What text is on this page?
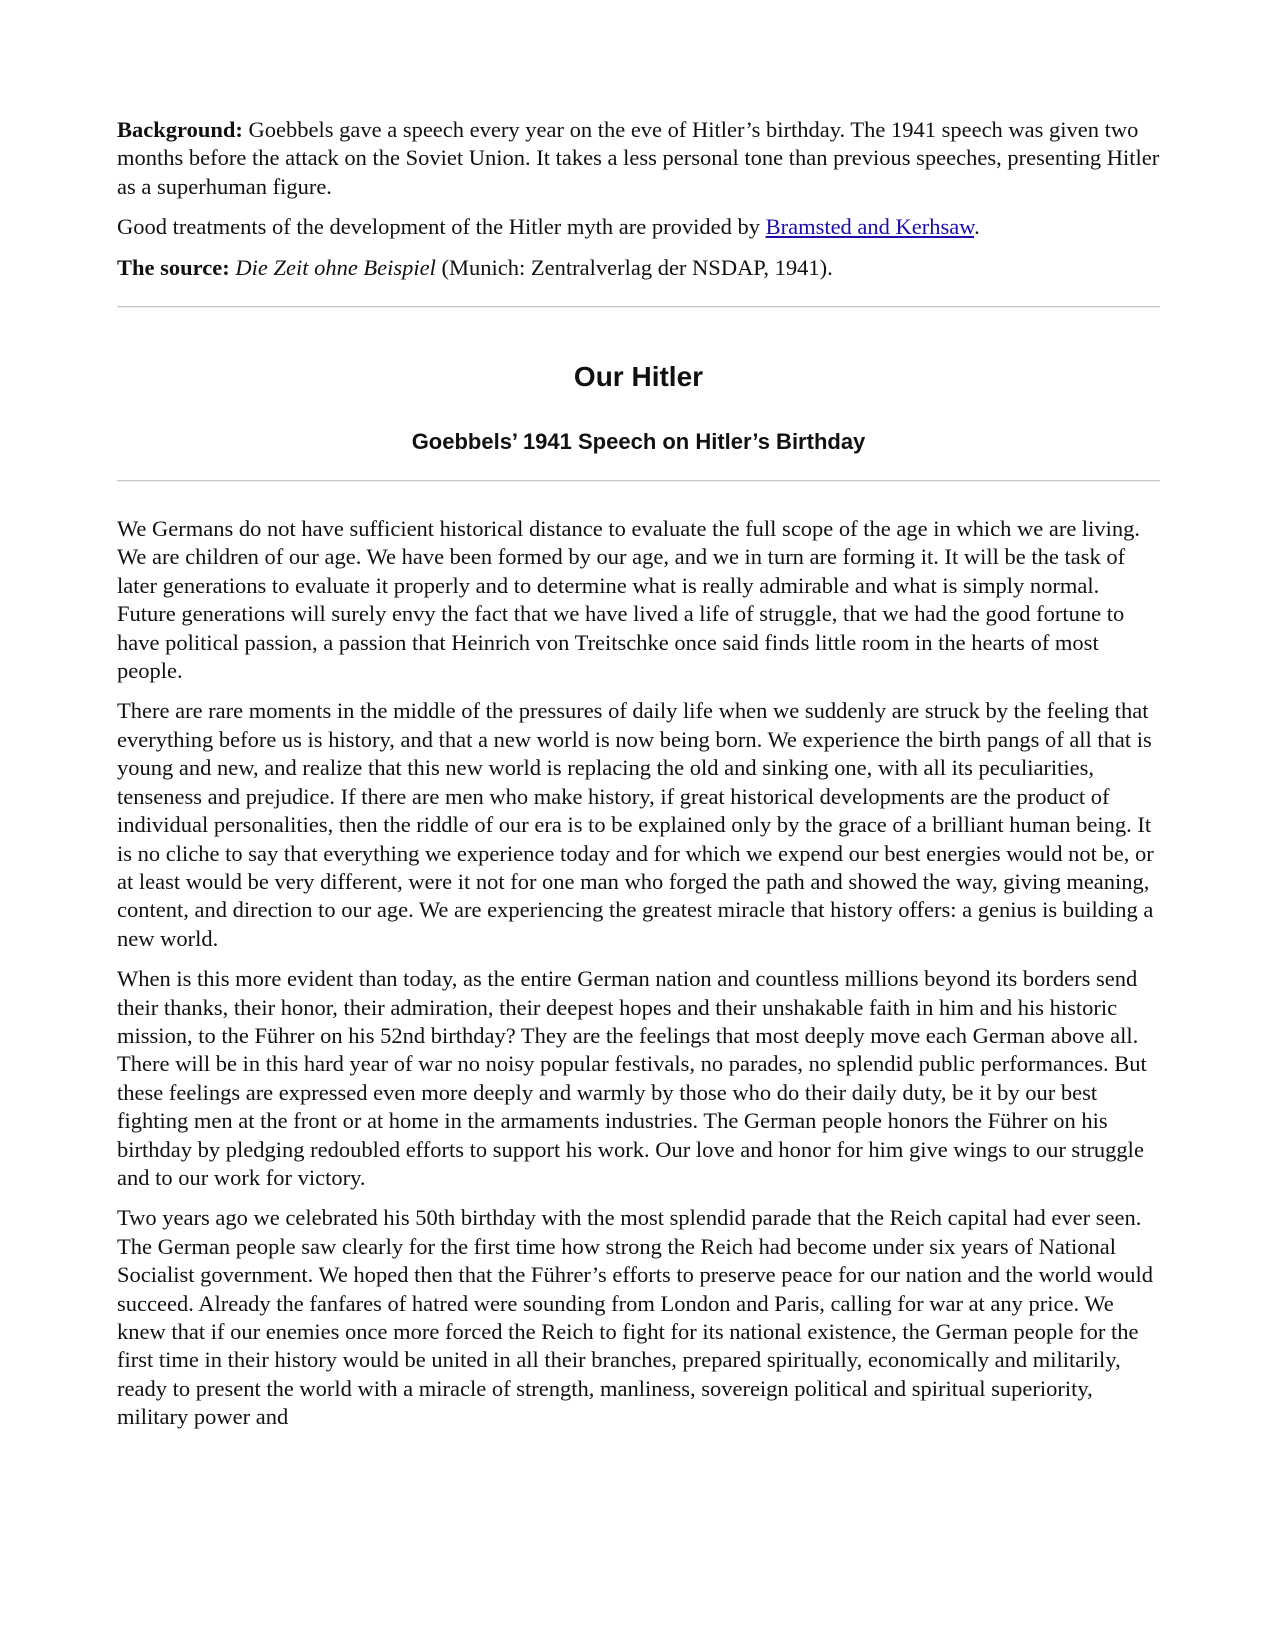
Background: Goebbels gave a speech every year on the eve of Hitler’s birthday. The 1941 speech was given two months before the attack on the Soviet Union. It takes a less personal tone than previous speeches, presenting Hitler as a superhuman figure.

Good treatments of the development of the Hitler myth are provided by Bramsted and Kerhsaw.

The source: Die Zeit ohne Beispiel (Munich: Zentralverlag der NSDAP, 1941).

Our Hitler
Goebbels’ 1941 Speech on Hitler’s Birthday

We Germans do not have sufficient historical distance to evaluate the full scope of the age in which we are living. We are children of our age. We have been formed by our age, and we in turn are forming it. It will be the task of later generations to evaluate it properly and to determine what is really admirable and what is simply normal. Future generations will surely envy the fact that we have lived a life of struggle, that we had the good fortune to have political passion, a passion that Heinrich von Treitschke once said finds little room in the hearts of most people.

There are rare moments in the middle of the pressures of daily life when we suddenly are struck by the feeling that everything before us is history, and that a new world is now being born. We experience the birth pangs of all that is young and new, and realize that this new world is replacing the old and sinking one, with all its peculiarities, tenseness and prejudice. If there are men who make history, if great historical developments are the product of individual personalities, then the riddle of our era is to be explained only by the grace of a brilliant human being. It is no cliche to say that everything we experience today and for which we expend our best energies would not be, or at least would be very different, were it not for one man who forged the path and showed the way, giving meaning, content, and direction to our age. We are experiencing the greatest miracle that history offers: a genius is building a new world.

When is this more evident than today, as the entire German nation and countless millions beyond its borders send their thanks, their honor, their admiration, their deepest hopes and their unshakable faith in him and his historic mission, to the Führer on his 52nd birthday? They are the feelings that most deeply move each German above all. There will be in this hard year of war no noisy popular festivals, no parades, no splendid public performances. But these feelings are expressed even more deeply and warmly by those who do their daily duty, be it by our best fighting men at the front or at home in the armaments industries. The German people honors the Führer on his birthday by pledging redoubled efforts to support his work. Our love and honor for him give wings to our struggle and to our work for victory.

Two years ago we celebrated his 50th birthday with the most splendid parade that the Reich capital had ever seen. The German people saw clearly for the first time how strong the Reich had become under six years of National Socialist government. We hoped then that the Führer’s efforts to preserve peace for our nation and the world would succeed. Already the fanfares of hatred were sounding from London and Paris, calling for war at any price. We knew that if our enemies once more forced the Reich to fight for its national existence, the German people for the first time in their history would be united in all their branches, prepared spiritually, economically and militarily, ready to present the world with a miracle of strength, manliness, sovereign political and spiritual superiority, military power and
